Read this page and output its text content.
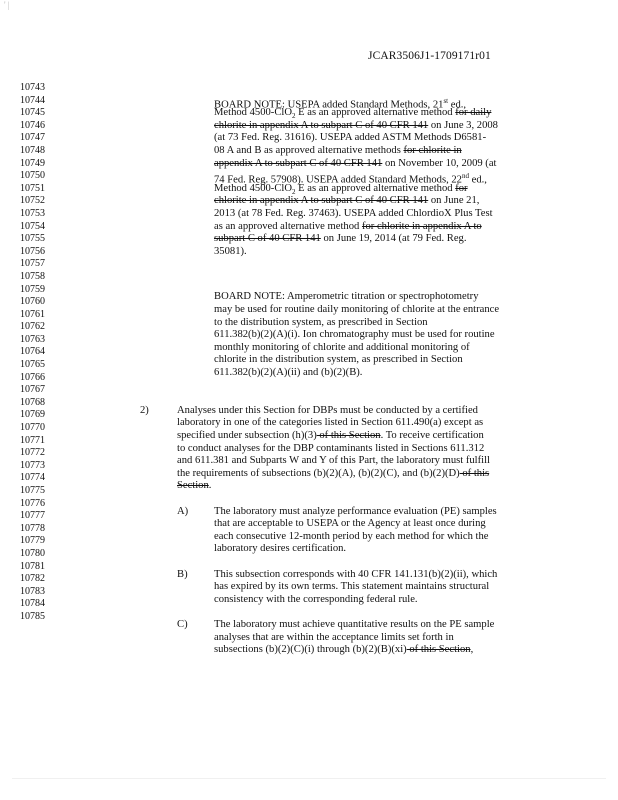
' |
JCAR3506J1-1709171r01
10743
10744
10745
10746
10747
10748
10749
10750
10751
10752
10753
10754
10755
10756
10757
10758
10759
10760
10761
10762
10763
10764
10765
10766
10767
10768
10769
10770
10771
10772
10773
10774
10775
10776
10777
10778
10779
10780
10781
10782
10783
10784
10785
BOARD NOTE: USEPA added Standard Methods, 21st ed.,
Method 4500-ClO$_2$ E as an approved alternative method for daily
chlorite in appendix A to subpart C of 40 CFR 141 on June 3, 2008
(at 73 Fed. Reg. 31616). USEPA added ASTM Methods D6581-
08 A and B as approved alternative methods for chlorite in
appendix A to subpart C of 40 CFR 141 on November 10, 2009 (at
74 Fed. Reg. 57908). USEPA added Standard Methods, 22nd ed.,
Method 4500-ClO$_2$ E as an approved alternative method for
chlorite in appendix A to subpart C of 40 CFR 141 on June 21,
2013 (at 78 Fed. Reg. 37463). USEPA added ChlordioX Plus Test
as an approved alternative method for chlorite in appendix A to
subpart C of 40 CFR 141 on June 19, 2014 (at 79 Fed. Reg.
35081).
BOARD NOTE: Amperometric titration or spectrophotometry
may be used for routine daily monitoring of chlorite at the entrance
to the distribution system, as prescribed in Section
611.382(b)(2)(A)(i). Ion chromatography must be used for routine
monthly monitoring of chlorite and additional monitoring of
chlorite in the distribution system, as prescribed in Section
611.382(b)(2)(A)(ii) and (b)(2)(B).
2)	Analyses under this Section for DBPs must be conducted by a certified
laboratory in one of the categories listed in Section 611.490(a) except as
specified under subsection (h)(3) of this Section. To receive certification
to conduct analyses for the DBP contaminants listed in Sections 611.312
and 611.381 and Subparts W and Y of this Part, the laboratory must fulfill
the requirements of subsections (b)(2)(A), (b)(2)(C), and (b)(2)(D) of this
Section.
A) The laboratory must analyze performance evaluation (PE) samples
that are acceptable to USEPA or the Agency at least once during
each consecutive 12-month period by each method for which the
laboratory desires certification.
B) This subsection corresponds with 40 CFR 141.131(b)(2)(ii), which
has expired by its own terms. This statement maintains structural
consistency with the corresponding federal rule.
C) The laboratory must achieve quantitative results on the PE sample
analyses that are within the acceptance limits set forth in
subsections (b)(2)(C)(i) through (b)(2)(B)(xi) of this Section,
